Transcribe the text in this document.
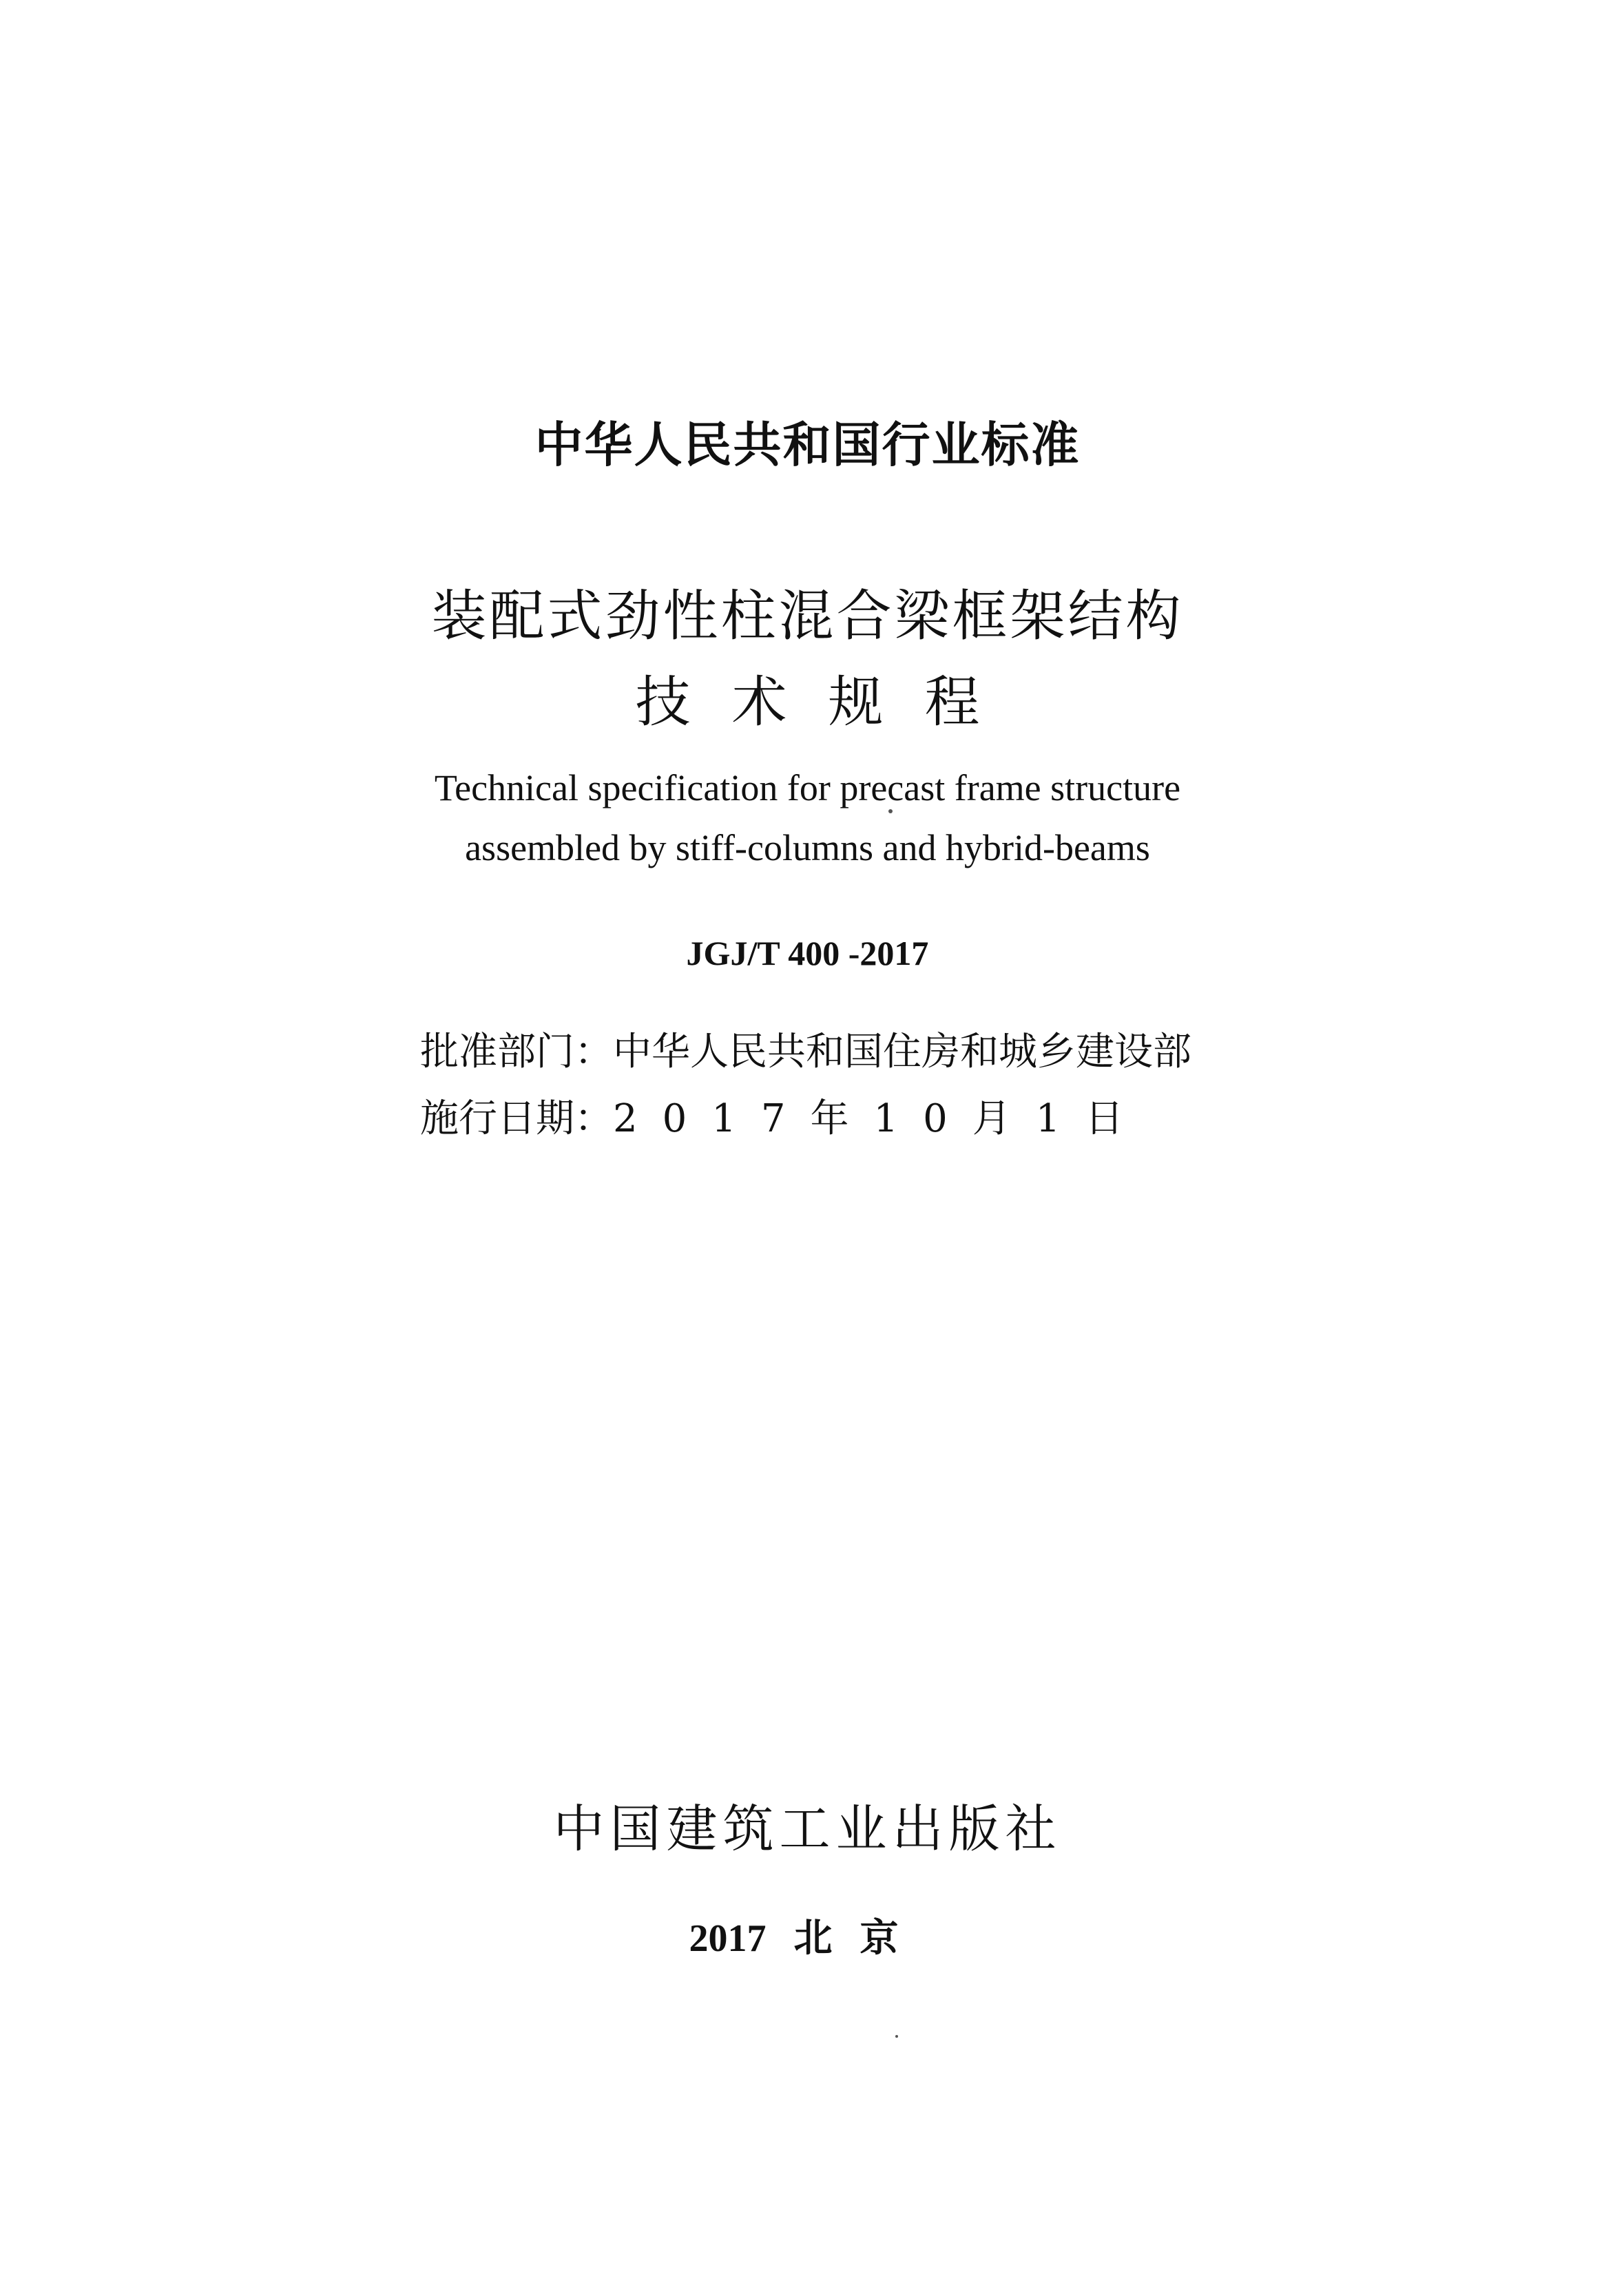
中华人民共和国行业标准
装配式劲性柱混合梁框架结构
技术规程
Technical specification for precast frame structure
assembled by stiff-columns and hybrid-beams
JGJ/T 400 -2017
批准部门：中华人民共和国住房和城乡建设部
施行日期：2017年10月1日
中国建筑工业出版社
2017 北京
